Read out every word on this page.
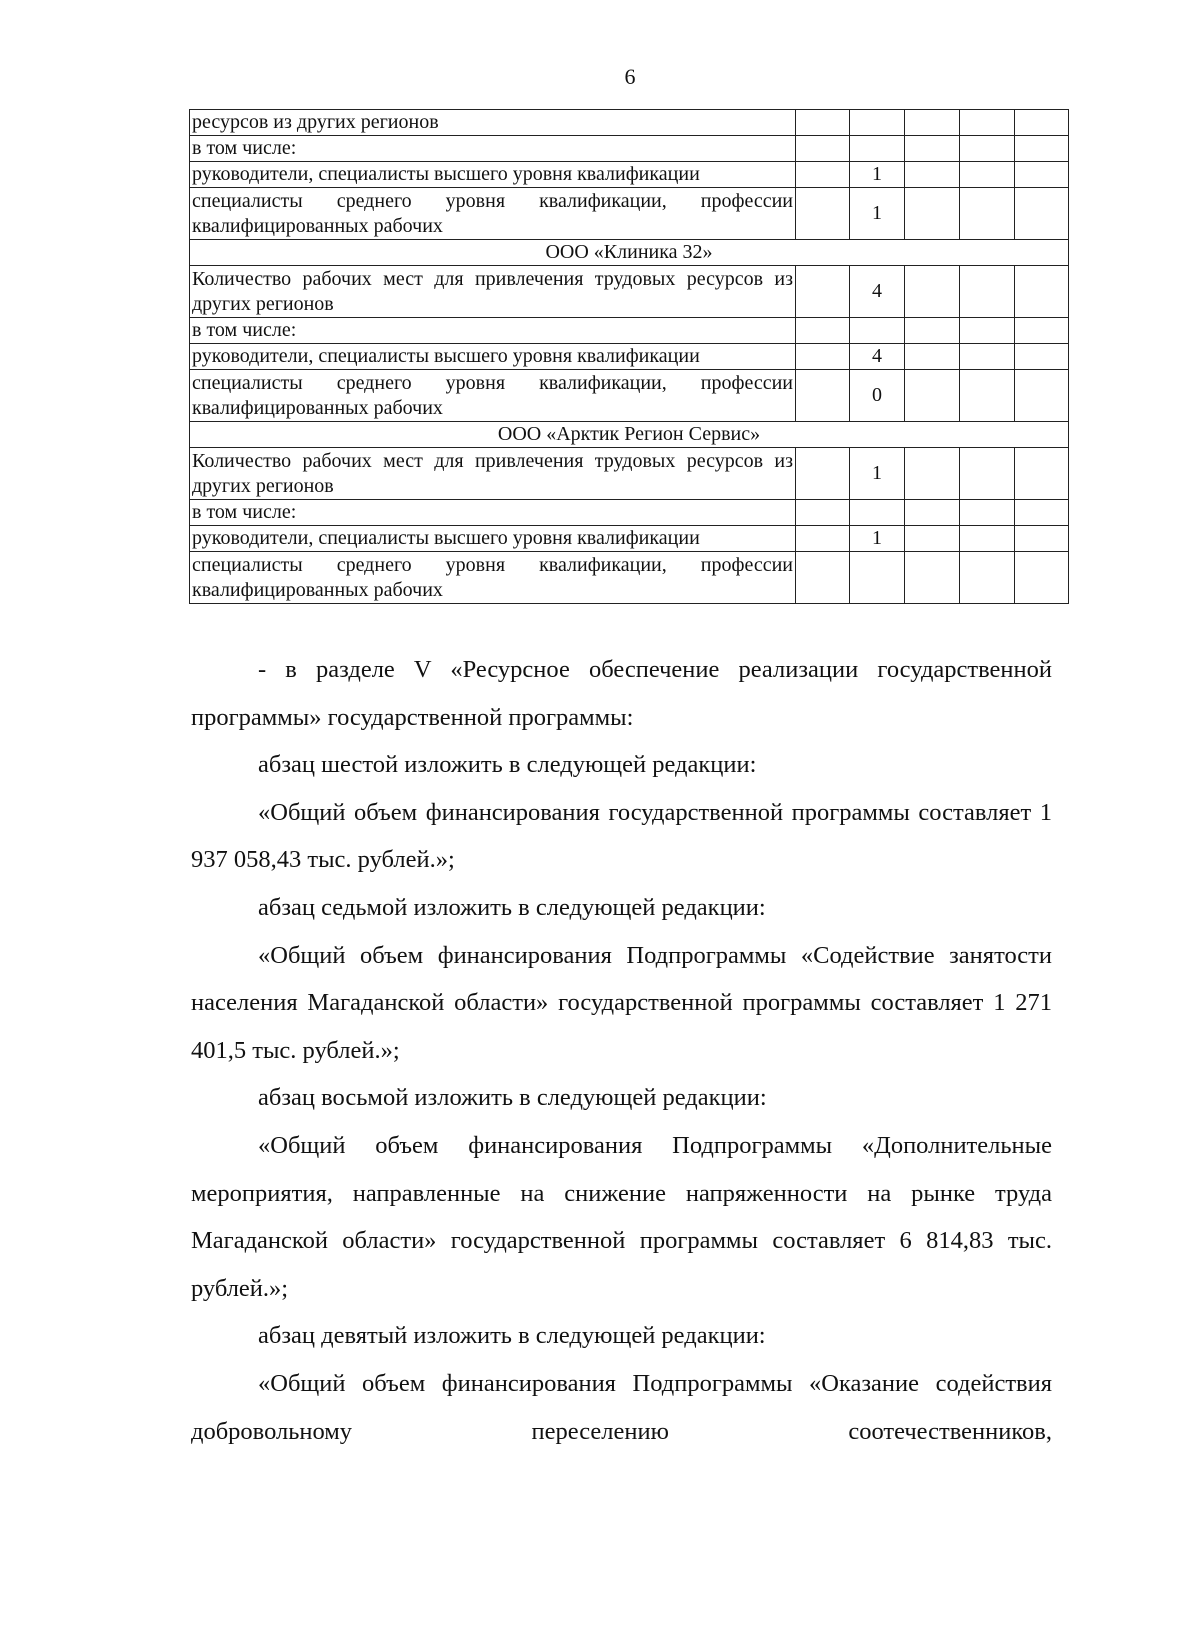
6
ресурсов из других регионов					
в том числе:					
руководители, специалисты высшего уровня квалификации		1			
специалисты среднего уровня квалификации, профессии квалифицированных рабочих		1			
ООО «Клиника 32»					
Количество рабочих мест для привлечения трудовых ресурсов из других регионов		4			
в том числе:					
руководители, специалисты высшего уровня квалификации		4			
специалисты среднего уровня квалификации, профессии квалифицированных рабочих		0			
ООО «Арктик Регион Сервис»					
Количество рабочих мест для привлечения трудовых ресурсов из других регионов		1			
в том числе:					
руководители, специалисты высшего уровня квалификации		1			
специалисты среднего уровня квалификации, профессии квалифицированных рабочих					

- в разделе V «Ресурсное обеспечение реализации государственной программы» государственной программы:

абзац шестой изложить в следующей редакции:

«Общий объем финансирования государственной программы составляет 1 937 058,43 тыс. рублей.»;

абзац седьмой изложить в следующей редакции:

«Общий объем финансирования Подпрограммы «Содействие занятости населения Магаданской области» государственной программы составляет 1 271 401,5 тыс. рублей.»;

абзац восьмой изложить в следующей редакции:

«Общий объем финансирования Подпрограммы «Дополнительные мероприятия, направленные на снижение напряженности на рынке труда Магаданской области» государственной программы составляет 6 814,83 тыс. рублей.»;

абзац девятый изложить в следующей редакции:

«Общий объем финансирования Подпрограммы «Оказание содействия добровольному переселению соотечественников,
